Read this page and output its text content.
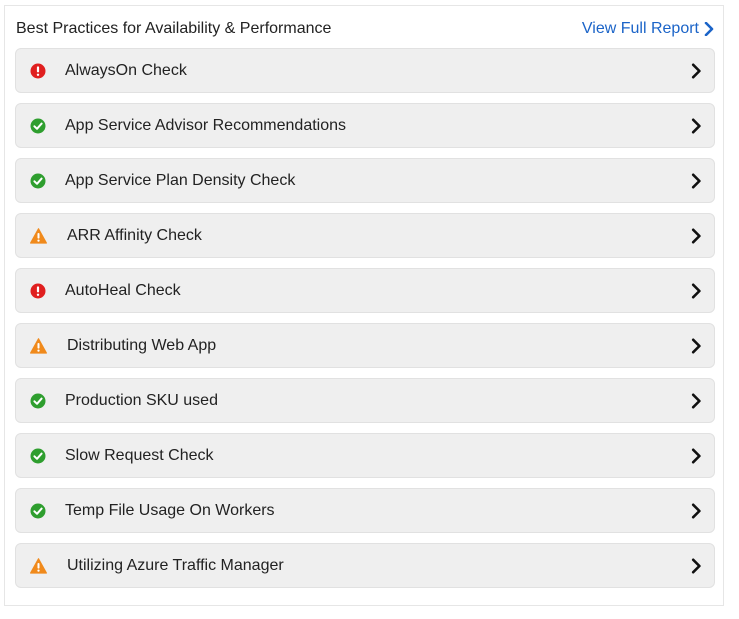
Best Practices for Availability & Performance	View Full Report
AlwaysOn Check
App Service Advisor Recommendations
App Service Plan Density Check
ARR Affinity Check
AutoHeal Check
Distributing Web App
Production SKU used
Slow Request Check
Temp File Usage On Workers
Utilizing Azure Traffic Manager
